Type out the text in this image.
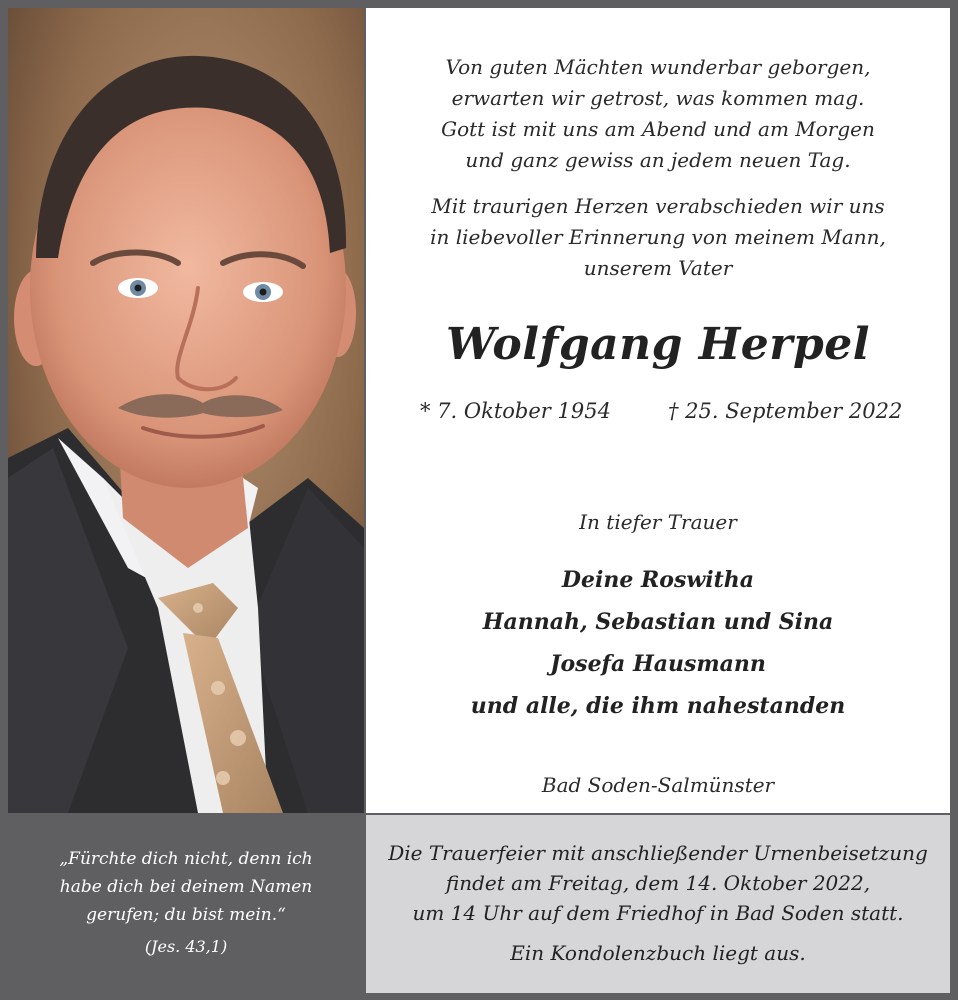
Von guten Mächten wunderbar geborgen,
erwarten wir getrost, was kommen mag.
Gott ist mit uns am Abend und am Morgen
und ganz gewiss an jedem neuen Tag.
Mit traurigen Herzen verabschieden wir uns
in liebevoller Erinnerung von meinem Mann,
unserem Vater
Wolfgang Herpel
* 7. Oktober 1954	† 25. September 2022
In tiefer Trauer
Deine Roswitha
Hannah, Sebastian und Sina
Josefa Hausmann
und alle, die ihm nahestanden
Bad Soden-Salmünster
„Fürchte dich nicht, denn ich
habe dich bei deinem Namen
gerufen; du bist mein.“
(Jes. 43,1)
Die Trauerfeier mit anschließender Urnenbeisetzung
findet am Freitag, dem 14. Oktober 2022,
um 14 Uhr auf dem Friedhof in Bad Soden statt.
Ein Kondolenzbuch liegt aus.
